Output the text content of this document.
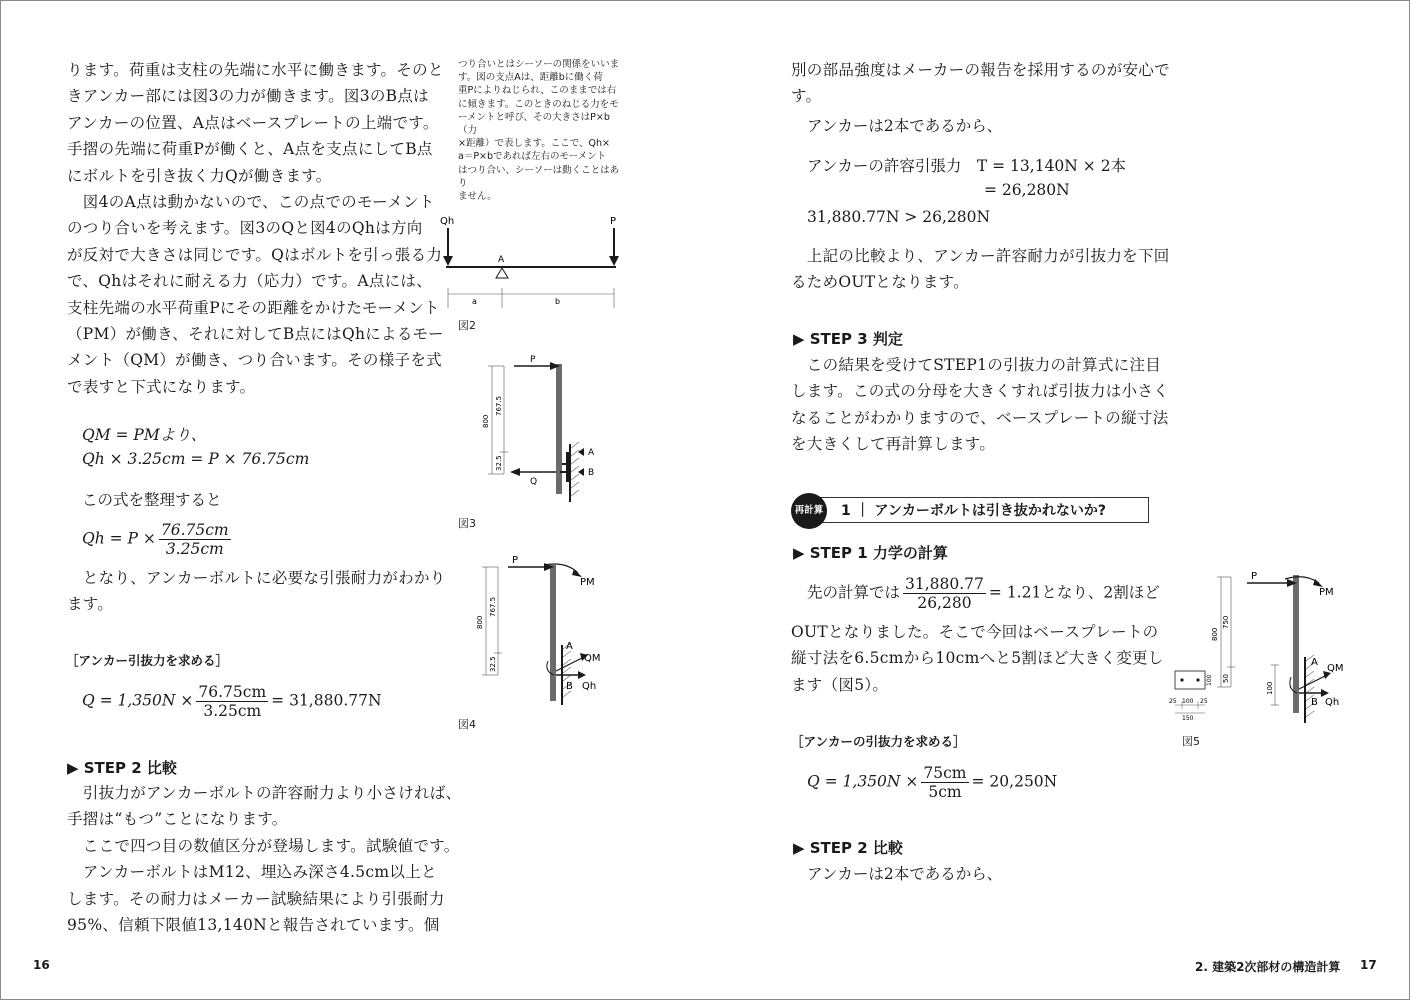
ります。荷重は支柱の先端に水平に働きます。そのと
きアンカー部には図3の力が働きます。図3のB点は
アンカーの位置、A点はベースプレートの上端です。
手摺の先端に荷重Pが働くと、A点を支点にしてB点
にボルトを引き抜く力Qが働きます。
　図4のA点は動かないので、この点でのモーメント
のつり合いを考えます。図3のQと図4のQhは方向
が反対で大きさは同じです。Qはボルトを引っ張る力
で、Qhはそれに耐える力（応力）です。A点には、
支柱先端の水平荷重Pにその距離をかけたモーメント
（PM）が働き、それに対してB点にはQhによるモー
メント（QM）が働き、つり合います。その様子を式
で表すと下式になります。
QM = PMより、
Qh × 3.25cm = P × 76.75cm
この式を整理すると
$Qh = P \times \frac{76.75cm}{3.25cm}$
　となり、アンカーボルトに必要な引張耐力がわかり
ます。
［アンカー引抜力を求める］
$Q = 1,350N \times \frac{76.75cm}{3.25cm} = 31,880.77N$
▶ STEP 2 比較
　引抜力がアンカーボルトの許容耐力より小さければ、
手摺は“もつ”ことになります。
　ここで四つ目の数値区分が登場します。試験値です。
　アンカーボルトはM12、埋込み深さ4.5cm以上と
します。その耐力はメーカー試験結果により引張耐力
95%、信頼下限値13,140Nと報告されています。個
16
つり合いとはシーソーの関係をいいま
す。図の支点Aは、距離bに働く荷
重Pによりねじられ、このままでは右
に傾きます。このときのねじる力をモ
ーメントと呼び、その大きさはP×b（力
×距離）で表します。ここで、Qh×
a＝P×bであれば左右のモーメント
はつり合い、シーソーは動くことはあり
ません。
Qh	P
A
a	b
図2
P
Q
A
B
800
767.5
32.5
図3
P
PM
A
QM
B Qh
800
767.5
32.5
図4
別の部品強度はメーカーの報告を採用するのが安心で
す。
アンカーは2本であるから、
アンカーの許容引張力　T = 13,140N × 2本
= 26,280N
31,880.77N > 26,280N
　上記の比較より、アンカー許容耐力が引抜力を下回
るためOUTとなります。
▶ STEP 3 判定
　この結果を受けてSTEP1の引抜力の計算式に注目
します。この式の分母を大きくすれば引抜力は小さく
なることがわかりますので、ベースプレートの縦寸法
を大きくして再計算します。
再計算 1 ｜ アンカーボルトは引き抜かれないか?
▶ STEP 1 力学の計算
先の計算では $\frac{31,880.77}{26,280} = 1.21$となり、2割ほど
OUTとなりました。そこで今回はベースプレートの
縦寸法を6.5cmから10cmへと5割ほど大きく変更し
ます（図5）。
［アンカーの引抜力を求める］
$Q = 1,350N \times \frac{75cm}{5cm} = 20,250N$
▶ STEP 2 比較
アンカーは2本であるから、
P
PM
A
QM
B Qh
800
750
50
100
100
25 100 25
150
図5
2. 建築2次部材の構造計算 17
